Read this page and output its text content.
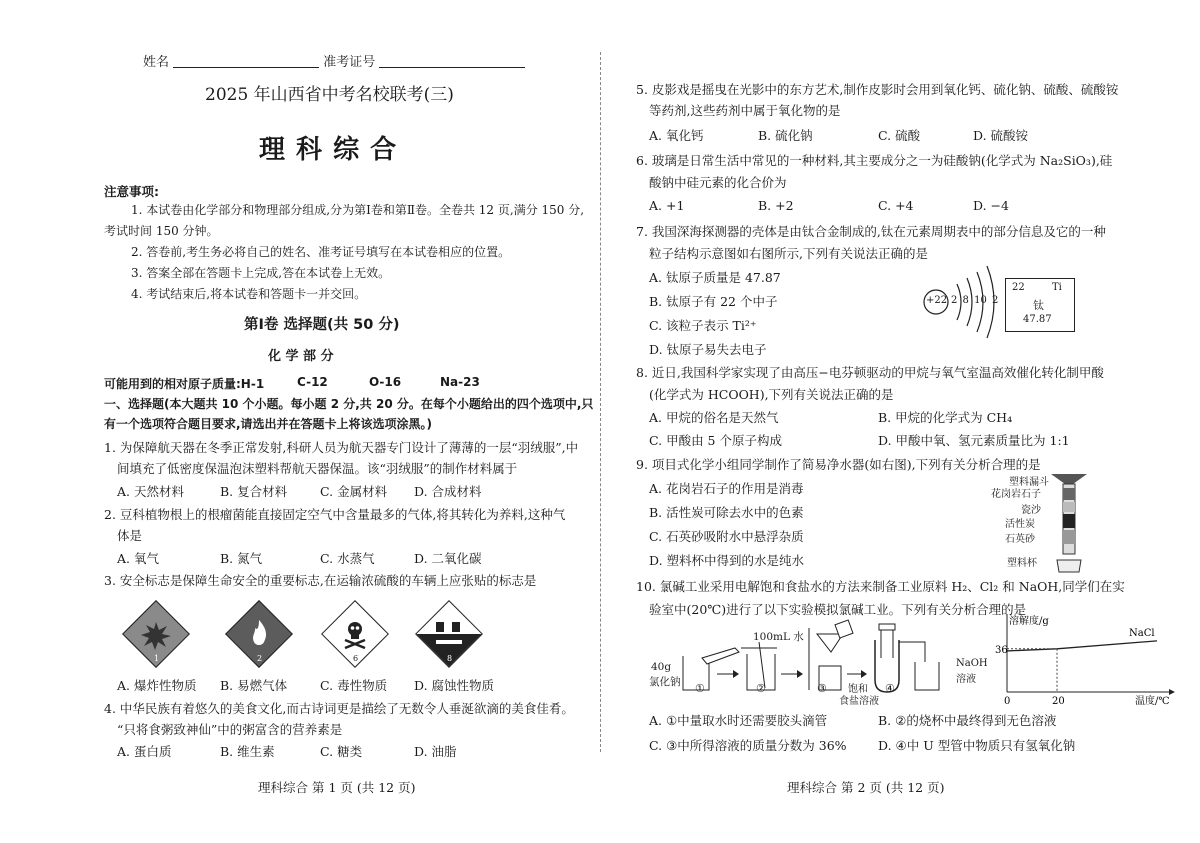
姓名	准考证号
2025 年山西省中考名校联考(三)
理 科 综 合
注意事项:
1. 本试卷由化学部分和物理部分组成,分为第Ⅰ卷和第Ⅱ卷。全卷共 12 页,满分 150 分,
考试时间 150 分钟。
2. 答卷前,考生务必将自己的姓名、准考证号填写在本试卷相应的位置。
3. 答案全部在答题卡上完成,答在本试卷上无效。
4. 考试结束后,将本试卷和答题卡一并交回。
第Ⅰ卷 选择题(共 50 分)
化 学 部 分
可能用到的相对原子质量:H-1	C-12	O-16	Na-23
一、选择题(本大题共 10 个小题。每小题 2 分,共 20 分。在每个小题给出的四个选项中,只
有一个选项符合题目要求,请选出并在答题卡上将该选项涂黑。)
1. 为保障航天器在冬季正常发射,科研人员为航天器专门设计了薄薄的一层“羽绒服”,中
间填充了低密度保温泡沫塑料帮航天器保温。该“羽绒服”的制作材料属于
A. 天然材料	B. 复合材料	C. 金属材料 D. 合成材料
2. 豆科植物根上的根瘤菌能直接固定空气中含量最多的气体,将其转化为养料,这种气
体是
A. 氧气	B. 氮气	C. 水蒸气	D. 二氧化碳
3. 安全标志是保障生命安全的重要标志,在运输浓硫酸的车辆上应张贴的标志是
1	2	6	8
A. 爆炸性物质 B. 易燃气体	C. 毒性物质 D. 腐蚀性物质
4. 中华民族有着悠久的美食文化,而古诗词更是描绘了无数令人垂涎欲滴的美食佳肴。
“只将食粥致神仙”中的粥富含的营养素是
A. 蛋白质	B. 维生素	C. 糖类	D. 油脂
理科综合 第 1 页 (共 12 页)
5. 皮影戏是摇曳在光影中的东方艺术,制作皮影时会用到氧化钙、硫化钠、硫酸、硫酸铵
等药剂,这些药剂中属于氧化物的是
A. 氧化钙	B. 硫化钠	C. 硫酸	D. 硫酸铵
6. 玻璃是日常生活中常见的一种材料,其主要成分之一为硅酸钠(化学式为 Na₂SiO₃),硅
酸钠中硅元素的化合价为
A. +1	B. +2	C. +4	D. −4
7. 我国深海探测器的壳体是由钛合金制成的,钛在元素周期表中的部分信息及它的一种
粒子结构示意图如右图所示,下列有关说法正确的是
A. 钛原子质量是 47.87
B. 钛原子有 22 个中子
C. 该粒子表示 Ti²⁺
D. 钛原子易失去电子
+22 2 8 10 2
22	Ti
钛
47.87
8. 近日,我国科学家实现了由高压−电芬顿驱动的甲烷与氧气室温高效催化转化制甲酸
(化学式为 HCOOH),下列有关说法正确的是
A. 甲烷的俗名是天然气	B. 甲烷的化学式为 CH₄
C. 甲酸由 5 个原子构成	D. 甲酸中氧、氢元素质量比为 1:1
9. 项目式化学小组同学制作了简易净水器(如右图),下列有关分析合理的是
A. 花岗岩石子的作用是消毒
B. 活性炭可除去水中的色素
C. 石英砂吸附水中悬浮杂质
D. 塑料杯中得到的水是纯水
塑料漏斗
花岗岩石子
瓷沙
活性炭
石英砂
塑料杯
10. 氯碱工业采用电解饱和食盐水的方法来制备工业原料 H₂、Cl₂ 和 NaOH,同学们在实
验室中(20℃)进行了以下实验模拟氯碱工业。下列有关分析合理的是
100mL 水
40g
氯化钠 ①	②	③	④
饱和
食盐溶液
NaOH
溶液
36
0	20
溶解度/g
温度/℃
NaCl
A. ①中量取水时还需要胶头滴管	B. ②的烧杯中最终得到无色溶液
C. ③中所得溶液的质量分数为 36%	D. ④中 U 型管中物质只有氢氧化钠
理科综合 第 2 页 (共 12 页)
